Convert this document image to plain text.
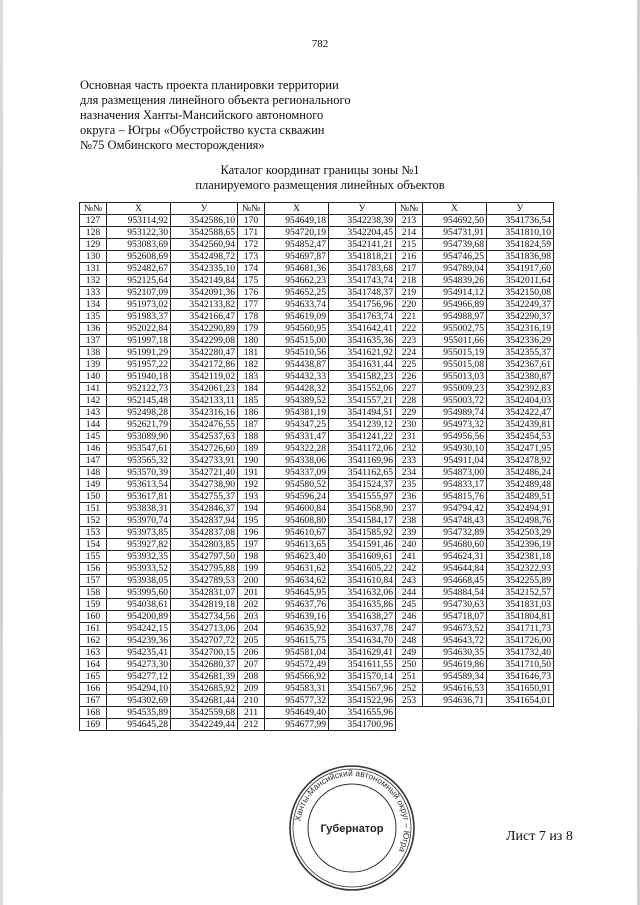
782
Основная часть проекта планировки территории
для размещения линейного объекта регионального
назначения Ханты-Мансийского автономного
округа – Югры «Обустройство куста скважин
№75 Омбинского месторождения»
Каталог координат границы зоны №1
планируемого размещения линейных объектов
№№	X	У	№№	X	У	№№	X	У
127	953114,92	3542586,10	170	954649,18	3542238,39	213	954692,50	3541736,54
128	953122,30	3542588,65	171	954720,19	3542204,45	214	954731,91	3541810,10
129	953083,69	3542560,94	172	954852,47	3542141,21	215	954739,68	3541824,59
130	952608,69	3542498,72	173	954697,87	3541818,21	216	954746,25	3541836,98
131	952482,67	3542335,10	174	954681,36	3541783,68	217	954789,04	3541917,60
132	952125,64	3542149,84	175	954662,23	3541743,74	218	954839,26	3542011,64
133	952107,09	3542091,36	176	954652,25	3541748,37	219	954914,12	3542150,08
134	951973,02	3542133,82	177	954633,74	3541756,96	220	954966,89	3542249,37
135	951983,37	3542166,47	178	954619,09	3541763,74	221	954988,97	3542290,37
136	952022,84	3542290,89	179	954560,95	3541642,41	222	955002,75	3542316,19
137	951997,18	3542299,08	180	954515,00	3541635,36	223	955011,66	3542336,29
138	951991,29	3542280,47	181	954510,56	3541621,92	224	955015,19	3542355,37
139	951957,22	3542172,86	182	954438,87	3541631,44	225	955015,08	3542367,61
140	951940,18	3542119,02	183	954432,33	3541582,23	226	955013,03	3542380,87
141	952122,73	3542061,23	184	954428,32	3541552,06	227	955009,23	3542392,83
142	952145,48	3542133,11	185	954389,52	3541557,21	228	955003,72	3542404,03
143	952498,28	3542316,16	186	954381,19	3541494,51	229	954989,74	3542422,47
144	952621,79	3542476,55	187	954347,25	3541239,12	230	954973,32	3542439,81
145	953089,90	3542537,63	188	954331,47	3541241,22	231	954956,56	3542454,53
146	953547,61	3542726,60	189	954322,28	3541172,06	232	954930,10	3542471,95
147	953565,32	3542733,91	190	954338,06	3541169,96	233	954911,04	3542478,92
148	953570,39	3542721,40	191	954337,09	3541162,65	234	954873,00	3542486,24
149	953613,54	3542738,90	192	954580,52	3541524,37	235	954833,17	3542489,48
150	953617,81	3542755,37	193	954596,24	3541555,97	236	954815,76	3542489,51
151	953838,31	3542846,37	194	954600,84	3541568,90	237	954794,42	3542494,91
152	953970,74	3542837,94	195	954608,80	3541584,17	238	954748,43	3542498,76
153	953973,85	3542837,08	196	954610,67	3541585,92	239	954732,89	3542503,29
154	953927,82	3542803,85	197	954613,65	3541591,46	240	954680,60	3542396,19
155	953932,35	3542797,50	198	954623,40	3541609,61	241	954624,31	3542381,18
156	953933,52	3542795,88	199	954631,62	3541605,22	242	954644,84	3542322,93
157	953938,05	3542789,53	200	954634,62	3541610,84	243	954668,45	3542255,89
158	953995,60	3542831,07	201	954645,95	3541632,06	244	954884,54	3542152,57
159	954038,61	3542819,18	202	954637,76	3541635,86	245	954730,63	3541831,03
160	954200,89	3542734,56	203	954639,16	3541638,27	246	954718,07	3541804,81
161	954242,15	3542713,06	204	954635,92	3541637,78	247	954673,52	3541711,73
162	954239,36	3542707,72	205	954615,75	3541634,70	248	954643,72	3541726,00
163	954235,41	3542700,15	206	954581,04	3541629,41	249	954630,35	3541732,40
164	954273,30	3542680,37	207	954572,49	3541611,55	250	954619,86	3541710,50
165	954277,12	3542681,39	208	954566,92	3541570,14	251	954589,34	3541646,73
166	954294,10	3542685,92	209	954583,31	3541567,96	252	954616,53	3541650,91
167	954302,69	3542681,44	210	954577,32	3541522,96	253	954636,71	3541654,01
168	954535,89	3542559,68	211	954649,40	3541655,96			
169	954645,28	3542249,44	212	954677,99	3541700,96			
Ханты-Мансийский автономный округ – Югра
Губернатор	Лист 7 из 8
